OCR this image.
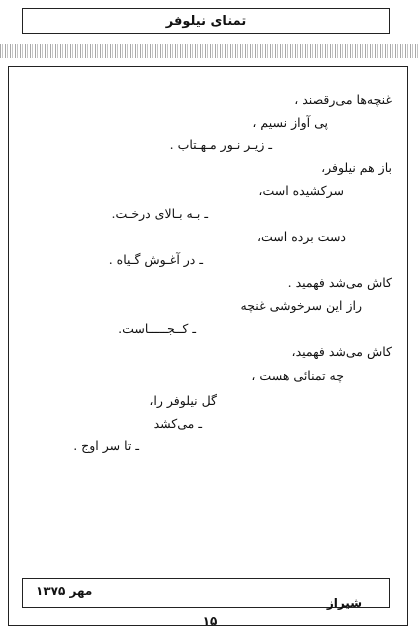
تمنای نیلوفر
غنچه‌ها می‌رقصند ،
پی آواز نسیم ،
ـ زیـر نـور مـهـتاب .
باز هم نیلوفر،
سرکشیده است،
ـ بـه بـالای درخـت.
دست برده است،
ـ در آغـوش گـیاه .
کاش می‌شد فهمید .
راز این سرخوشی غنچه
ـ کــجـــــاست.
کاش می‌شد فهمید،
چه تمنائی هست ،
گل نیلوفر را،
ـ می‌کشد
ـ تا سر اوج .
مهر ۱۳۷۵
شیراز
۱۵
